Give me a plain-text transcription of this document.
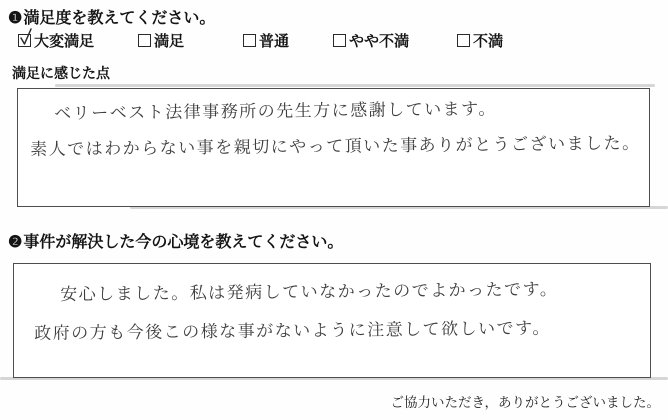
❶満足度を教えてください。
大変満足	満足	普通	やや不満	不満
満足に感じた点
ベリーベスト法律事務所の先生方に感謝しています。
素人ではわからない事を親切にやって頂いた事ありがとうございました。
❷事件が解決した今の心境を教えてください。
安心しました。私は発病していなかったのでよかったです。
政府の方も今後この様な事がないように注意して欲しいです。
ご協力いただき，ありがとうございました。
